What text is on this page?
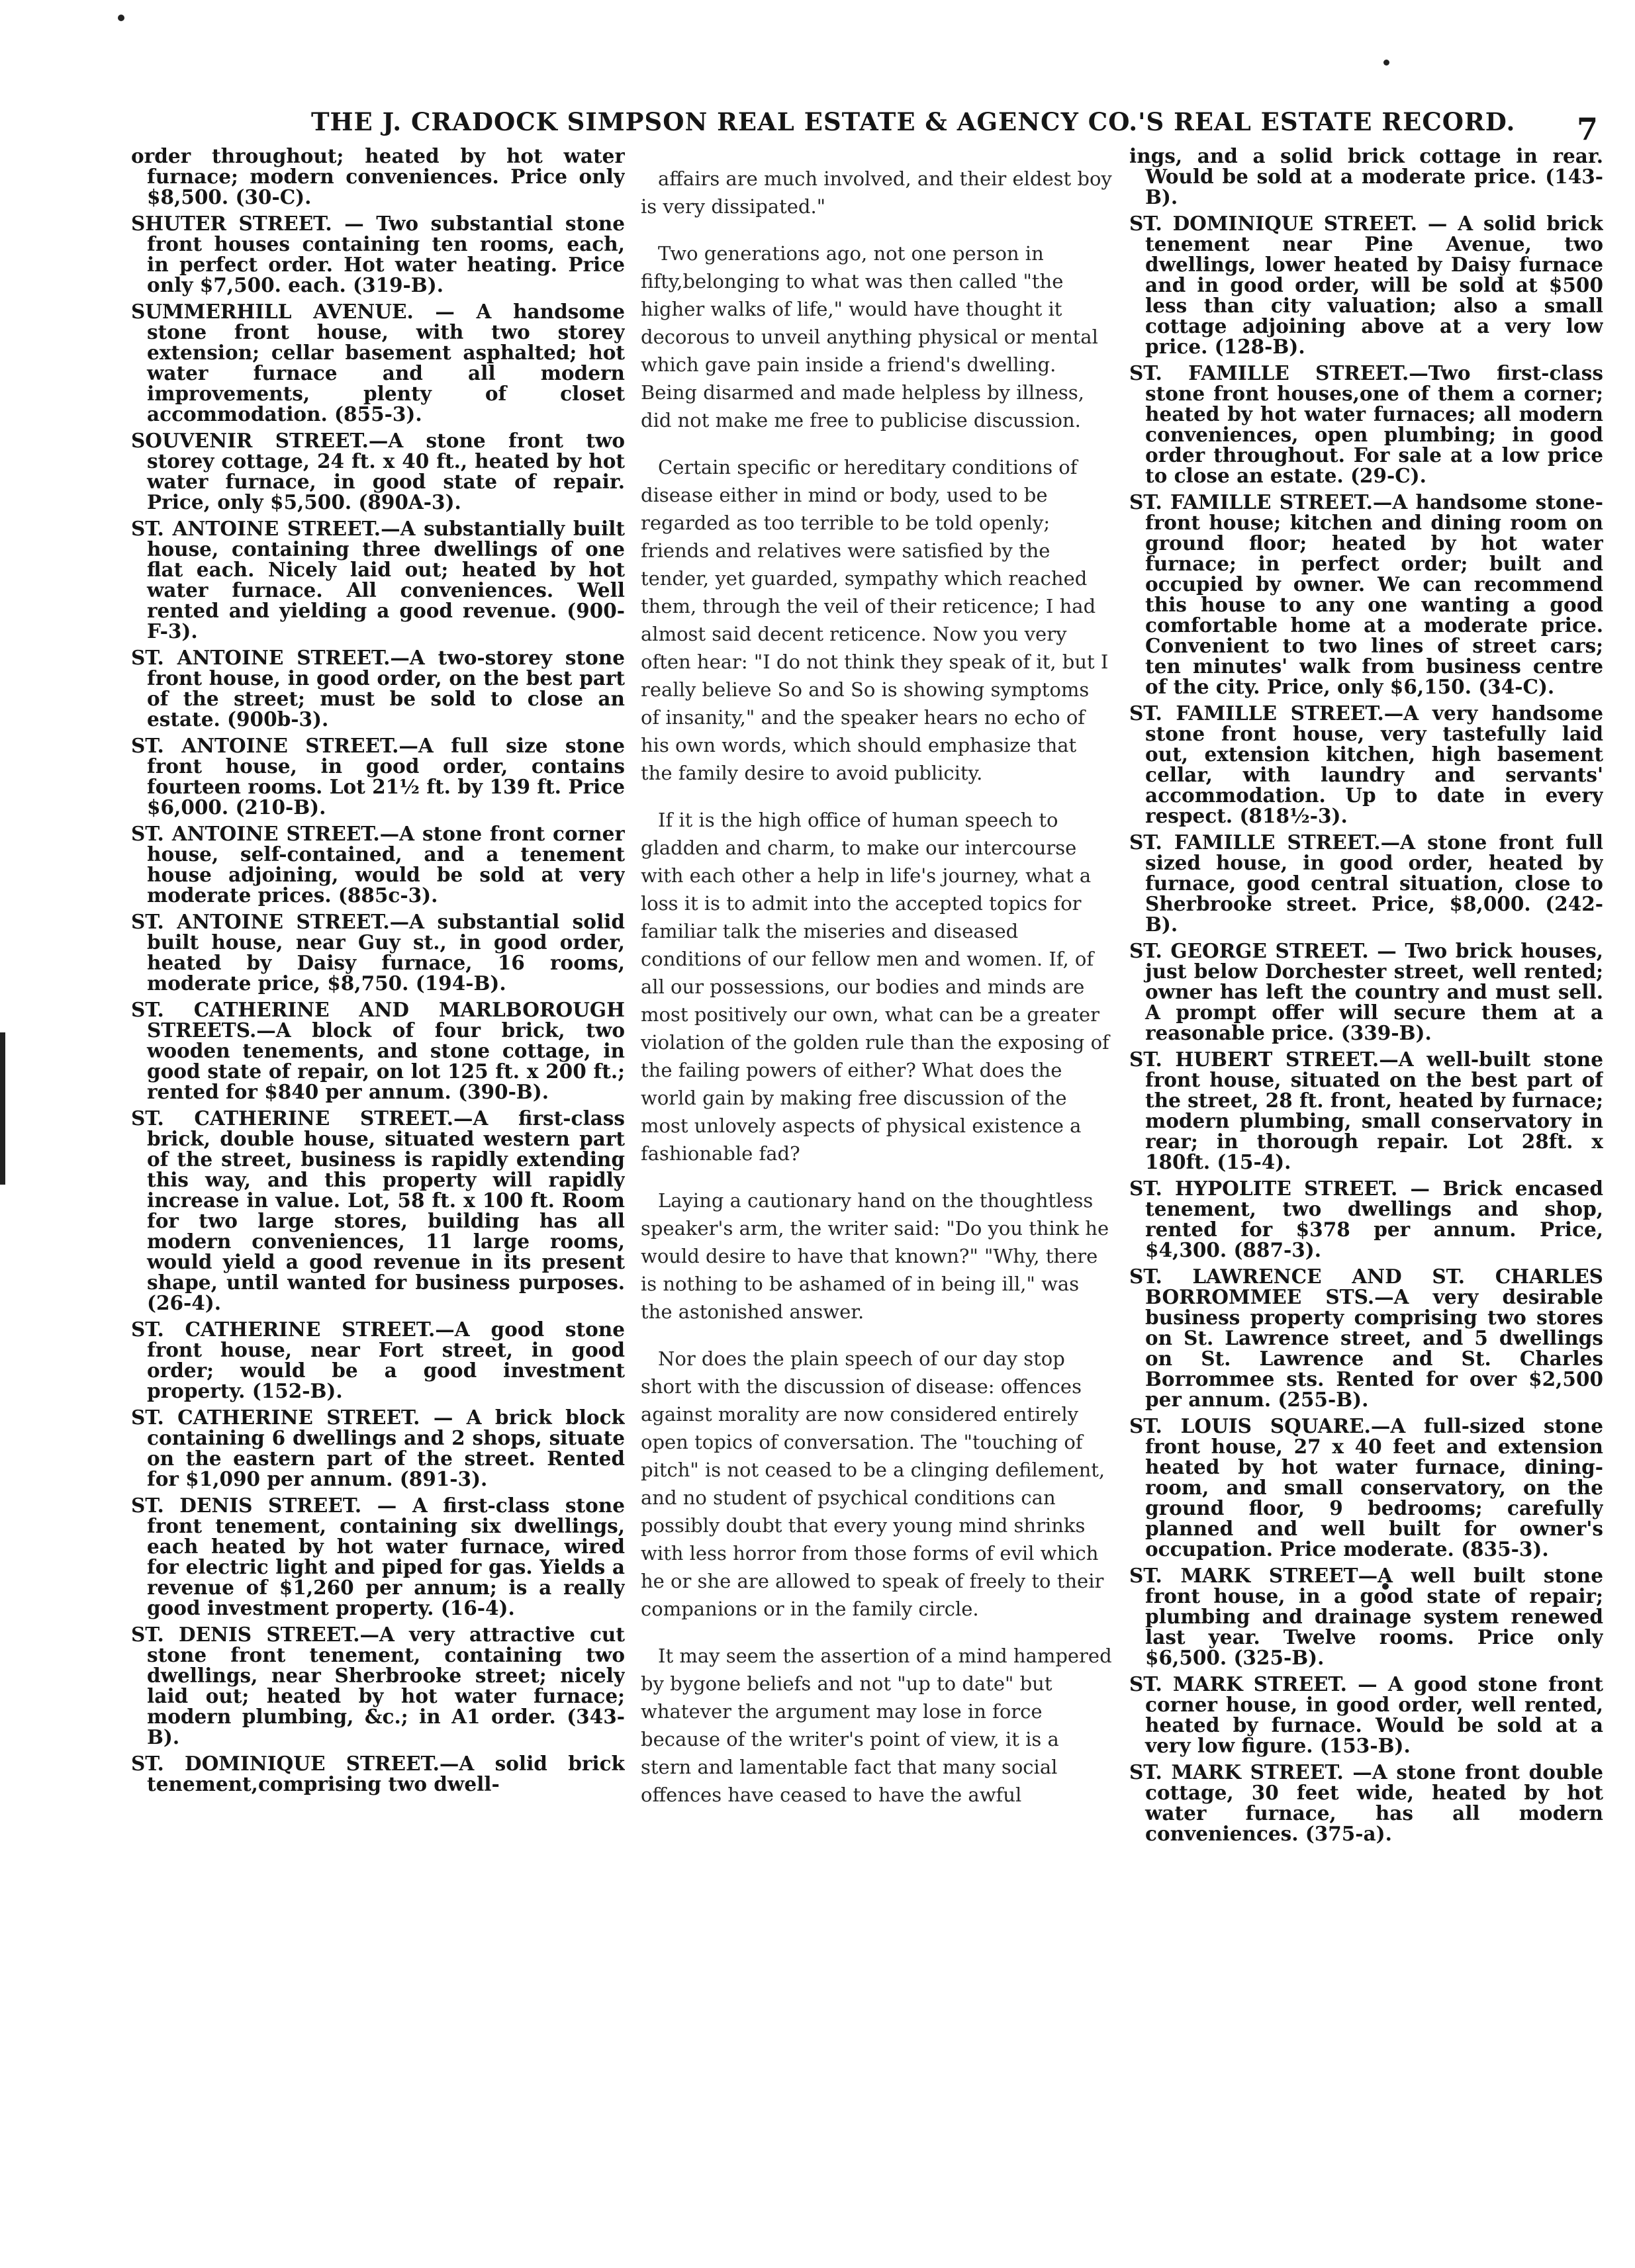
THE J. CRADOCK SIMPSON REAL ESTATE & AGENCY CO.'S REAL ESTATE RECORD. 7

order throughout; heated by hot water furnace; modern conveniences. Price only $8,500. (30-C).

SHUTER STREET. — Two substantial stone front houses containing ten rooms, each, in perfect order. Hot water heating. Price only $7,500. each. (319-B).

SUMMERHILL AVENUE. — A handsome stone front house, with two storey extension; cellar basement asphalted; hot water furnace and all modern improvements, plenty of closet accommodation. (855-3).

SOUVENIR STREET.—A stone front two storey cottage, 24 ft. x 40 ft., heated by hot water furnace, in good state of repair. Price, only $5,500. (890A-3).

ST. ANTOINE STREET.—A substantially built house, containing three dwellings of one flat each. Nicely laid out; heated by hot water furnace. All conveniences. Well rented and yielding a good revenue. (900-F-3).

ST. ANTOINE STREET.—A two-storey stone front house, in good order, on the best part of the street; must be sold to close an estate. (900b-3).

ST. ANTOINE STREET.—A full size stone front house, in good order, contains fourteen rooms. Lot 21½ ft. by 139 ft. Price $6,000. (210-B).

ST. ANTOINE STREET.—A stone front corner house, self-contained, and a tenement house adjoining, would be sold at very moderate prices. (885c-3).

ST. ANTOINE STREET.—A substantial solid built house, near Guy st., in good order, heated by Daisy furnace, 16 rooms, moderate price, $8,750. (194-B).

ST. CATHERINE AND MARLBOROUGH STREETS.—A block of four brick, two wooden tenements, and stone cottage, in good state of repair, on lot 125 ft. x 200 ft.; rented for $840 per annum. (390-B).

ST. CATHERINE STREET.—A first-class brick, double house, situated western part of the street, business is rapidly extending this way, and this property will rapidly increase in value. Lot, 58 ft. x 100 ft. Room for two large stores, building has all modern conveniences, 11 large rooms, would yield a good revenue in its present shape, until wanted for business purposes. (26-4).

ST. CATHERINE STREET.—A good stone front house, near Fort street, in good order; would be a good investment property. (152-B).

ST. CATHERINE STREET. — A brick block containing 6 dwellings and 2 shops, situate on the eastern part of the street. Rented for $1,090 per annum. (891-3).

ST. DENIS STREET. — A first-class stone front tenement, containing six dwellings, each heated by hot water furnace, wired for electric light and piped for gas. Yields a revenue of $1,260 per annum; is a really good investment property. (16-4).

ST. DENIS STREET.—A very attractive cut stone front tenement, containing two dwellings, near Sherbrooke street; nicely laid out; heated by hot water furnace; modern plumbing, &c.; in A1 order. (343-B).

ST. DOMINIQUE STREET.—A solid brick tenement,comprising two dwell-

affairs are much involved, and their eldest boy is very dissipated."

Two generations ago, not one person in fifty,belonging to what was then called "the higher walks of life," would have thought it decorous to unveil anything physical or mental which gave pain inside a friend's dwelling. Being disarmed and made helpless by illness, did not make me free to publicise discussion.

Certain specific or hereditary conditions of disease either in mind or body, used to be regarded as too terrible to be told openly; friends and relatives were satisfied by the tender, yet guarded, sympathy which reached them, through the veil of their reticence; I had almost said decent reticence. Now you very often hear: "I do not think they speak of it, but I really believe So and So is showing symptoms of insanity," and the speaker hears no echo of his own words, which should emphasize that the family desire to avoid publicity.

If it is the high office of human speech to gladden and charm, to make our intercourse with each other a help in life's journey, what a loss it is to admit into the accepted topics for familiar talk the miseries and diseased conditions of our fellow men and women. If, of all our possessions, our bodies and minds are most positively our own, what can be a greater violation of the golden rule than the exposing of the failing powers of either? What does the world gain by making free discussion of the most unlovely aspects of physical existence a fashionable fad?

Laying a cautionary hand on the thoughtless speaker's arm, the writer said: "Do you think he would desire to have that known?" "Why, there is nothing to be ashamed of in being ill," was the astonished answer.

Nor does the plain speech of our day stop short with the discussion of disease: offences against morality are now considered entirely open topics of conversation. The "touching of pitch" is not ceased to be a clinging defilement, and no student of psychical conditions can possibly doubt that every young mind shrinks with less horror from those forms of evil which he or she are allowed to speak of freely to their companions or in the family circle.

It may seem the assertion of a mind hampered by bygone beliefs and not "up to date" but whatever the argument may lose in force because of the writer's point of view, it is a stern and lamentable fact that many social offences have ceased to have the awful

ings, and a solid brick cottage in rear. Would be sold at a moderate price. (143-B).

ST. DOMINIQUE STREET. — A solid brick tenement near Pine Avenue, two dwellings, lower heated by Daisy furnace and in good order, will be sold at $500 less than city valuation; also a small cottage adjoining above at a very low price. (128-B).

ST. FAMILLE STREET.—Two first-class stone front houses,one of them a corner; heated by hot water furnaces; all modern conveniences, open plumbing; in good order throughout. For sale at a low price to close an estate. (29-C).

ST. FAMILLE STREET.—A handsome stone-front house; kitchen and dining room on ground floor; heated by hot water furnace; in perfect order; built and occupied by owner. We can recommend this house to any one wanting a good comfortable home at a moderate price. Convenient to two lines of street cars; ten minutes' walk from business centre of the city. Price, only $6,150. (34-C).

ST. FAMILLE STREET.—A very handsome stone front house, very tastefully laid out, extension kitchen, high basement cellar, with laundry and servants' accommodation. Up to date in every respect. (818½-3).

ST. FAMILLE STREET.—A stone front full sized house, in good order, heated by furnace, good central situation, close to Sherbrooke street. Price, $8,000. (242-B).

ST. GEORGE STREET. — Two brick houses, just below Dorchester street, well rented; owner has left the country and must sell. A prompt offer will secure them at a reasonable price. (339-B).

ST. HUBERT STREET.—A well-built stone front house, situated on the best part of the street, 28 ft. front, heated by furnace; modern plumbing, small conservatory in rear; in thorough repair. Lot 28ft. x 180ft. (15-4).

ST. HYPOLITE STREET. — Brick encased tenement, two dwellings and shop, rented for $378 per annum. Price, $4,300. (887-3).

ST. LAWRENCE AND ST. CHARLES BORROMMEE STS.—A very desirable business property comprising two stores on St. Lawrence street, and 5 dwellings on St. Lawrence and St. Charles Borrommee sts. Rented for over $2,500 per annum. (255-B).

ST. LOUIS SQUARE.—A full-sized stone front house, 27 x 40 feet and extension heated by hot water furnace, dining-room, and small conservatory, on the ground floor, 9 bedrooms; carefully planned and well built for owner's occupation. Price moderate. (835-3).

ST. MARK STREET—A well built stone front house, in a good state of repair; plumbing and drainage system renewed last year. Twelve rooms. Price only $6,500. (325-B).

ST. MARK STREET. — A good stone front corner house, in good order, well rented, heated by furnace. Would be sold at a very low figure. (153-B).

ST. MARK STREET. —A stone front double cottage, 30 feet wide, heated by hot water furnace, has all modern conveniences. (375-a).
